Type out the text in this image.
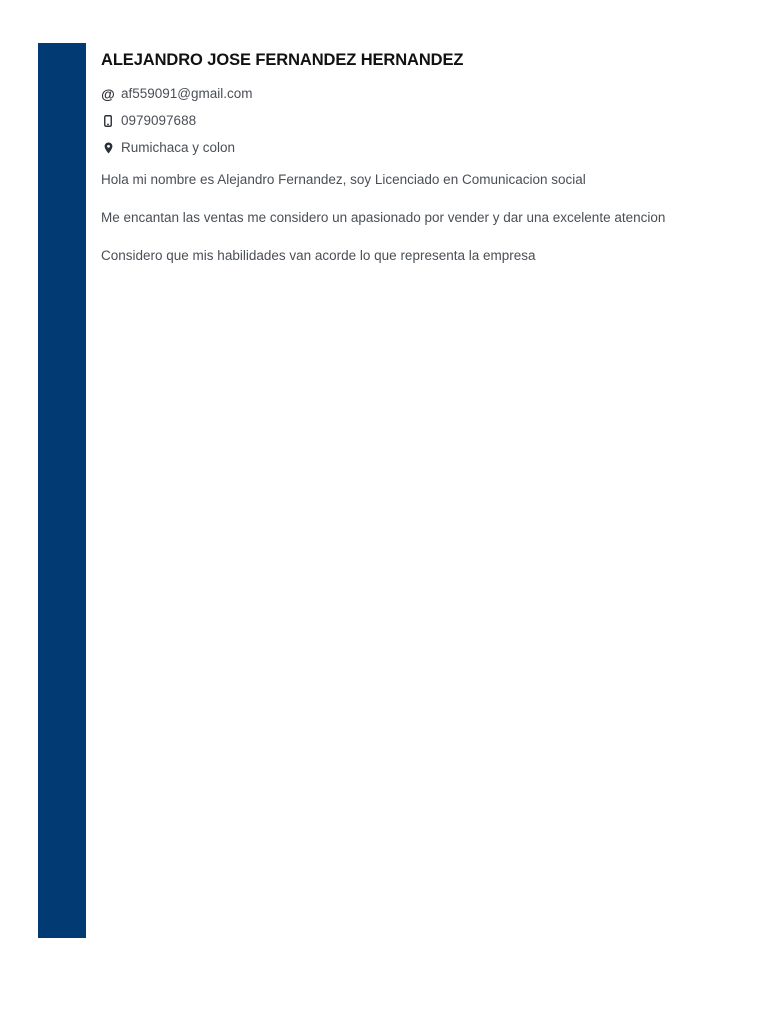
ALEJANDRO JOSE FERNANDEZ HERNANDEZ
@ af559091@gmail.com
0979097688
Rumichaca y colon

Hola mi nombre es Alejandro Fernandez, soy Licenciado en Comunicacion social

Me encantan las ventas me considero un apasionado por vender y dar una excelente atencion

Considero que mis habilidades van acorde lo que representa la empresa
